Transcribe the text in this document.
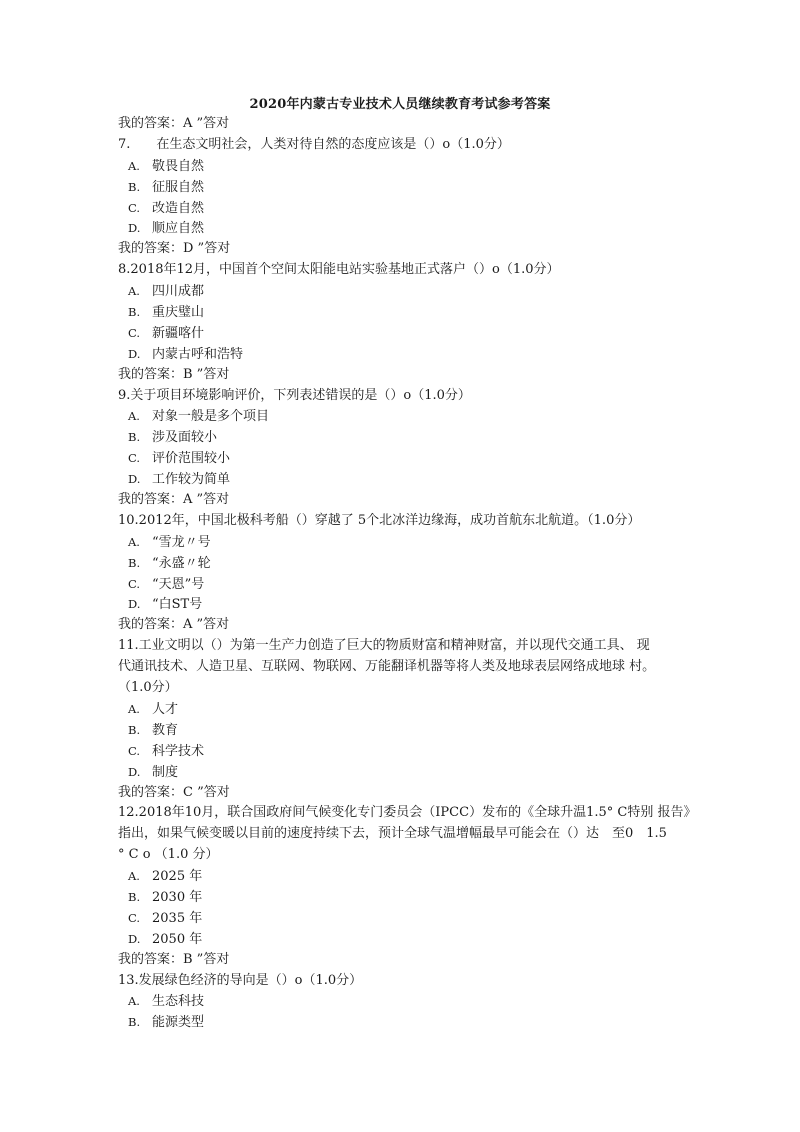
2020年内蒙古专业技术人员继续教育考试参考答案
我的答案：A ”答对
7.　　在生态文明社会，人类对待自然的态度应该是（）o（1.0分）
A. 敬畏自然
B. 征服自然
C. 改造自然
D. 顺应自然
我的答案：D ”答对
8.2018年12月，中国首个空间太阳能电站实验基地正式落户（）o（1.0分）
A. 四川成都
B. 重庆璧山
C. 新疆喀什
D. 内蒙古呼和浩特
我的答案：B ”答对
9.关于项目环境影响评价，下列表述错误的是（）o（1.0分）
A. 对象一般是多个项目
B. 涉及面较小
C. 评价范围较小
D. 工作较为简单
我的答案：A ”答对
10.2012年，中国北极科考船（）穿越了 5个北冰洋边缘海，成功首航东北航道。（1.0分）
A. “雪龙〃号
B. “永盛〃轮
C. “天恩”号
D. “白ST号
我的答案：A ”答对
11.工业文明以（）为第一生产力创造了巨大的物质财富和精神财富，并以现代交通工具、 现
代通讯技术、人造卫星、互联网、物联网、万能翻译机器等将人类及地球表层网络成地球 村。
（1.0分）
A. 人才
B. 教育
C. 科学技术
D. 制度
我的答案：C ”答对
12.2018年10月，联合国政府间气候变化专门委员会（IPCC）发布的《全球升温1.5° C特别 报告》
指出，如果气候变暖以目前的速度持续下去，预计全球气温增幅最早可能会在（）达　至0　1.5
° C o （1.0 分）
A. 2025 年
B. 2030 年
C. 2035 年
D. 2050 年
我的答案：B ”答对
13.发展绿色经济的导向是（）o（1.0分）
A. 生态科技
B. 能源类型
